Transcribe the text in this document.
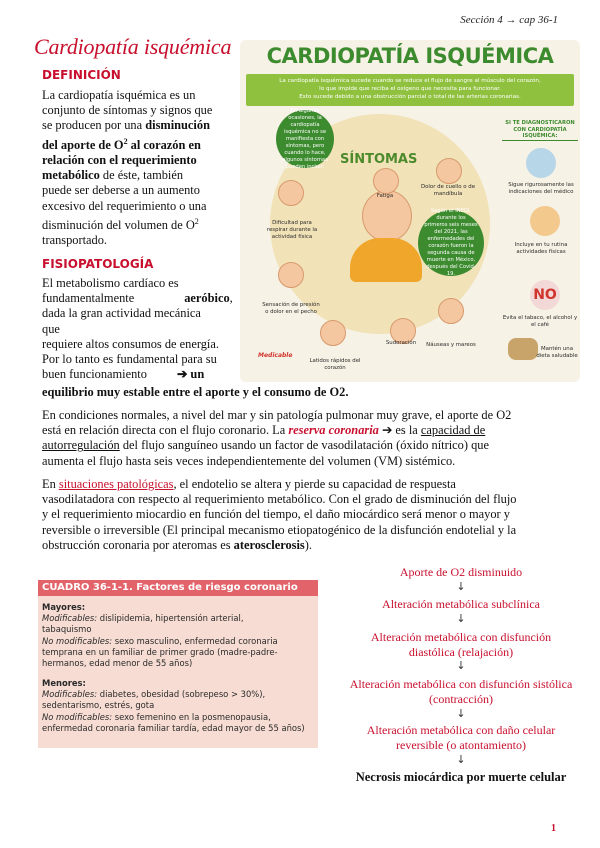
Sección 4 → cap 36-1
Cardiopatía isquémica
DEFINICIÓN

La cardiopatía isquémica es un

conjunto de síntomas y signos que

se producen por una disminución

del aporte de $O^2$ al corazón en

relación con el requerimiento

metabólico de éste, también

puede ser deberse a un aumento

excesivo del requerimiento o una

disminución del volumen de $O^2$

transportado.

FISIOPATOLOGÍA

El metabolismo cardíaco es

fundamentalmente	aeróbico,

dada la gran actividad mecánica

que

requiere altos consumos de energía.

Por lo tanto es fundamental para su

buen funcionamiento ➔ un

equilibrio muy estable entre el aporte y el consumo de O2.

En condiciones normales, a nivel del mar y sin patología pulmonar muy grave, el aporte de O2

está en relación directa con el flujo coronario. La reserva coronaria ➔ es la capacidad de

autorregulación del flujo sanguíneo usando un factor de vasodilatación (óxido nítrico) que

aumenta el flujo hasta seis veces independientemente del volumen (VM) sistémico.

En situaciones patológicas, el endotelio se altera y pierde su capacidad de respuesta

vasodilatadora con respecto al requerimiento metabólico. Con el grado de disminución del flujo

y el requerimiento miocardio en función del tiempo, el daño miocárdico será menor o mayor y

reversible o irreversible (El principal mecanismo etiopatogénico de la disfunción endotelial y la

obstrucción coronaria por ateromas es aterosclerosis).

CARDIOPATÍA ISQUÉMICA
La cardiopatía isquémica sucede cuando se reduce el flujo de sangre al músculo del corazón,
lo que impide que reciba el oxígeno que necesita para funcionar.
Esto sucede debido a una obstrucción parcial o total de las arterias coronarias.
SÍNTOMAS
En algunas ocasiones, la cardiopatía isquémica no se manifiesta con síntomas, pero cuando lo hace, algunos síntomas pueden incluir:
Según el INEGI, durante los primeros seis meses del 2021, las enfermedades del corazón fueron la segunda causa de muerte en México, después del Covid-19.
Fatiga
Dolor de cuello o de mandíbula
Dificultad para respirar durante la actividad física
Sensación de presión o dolor en el pecho
Latidos rápidos del corazón
Sudoración	Náuseas y mareos
Medicable
SI TE DIAGNOSTICARON CON CARDIOPATÍA ISQUÉMICA:
Sigue rigurosamente las indicaciones del médico
Incluye en tu rutina actividades físicas
NO
Evita el tabaco, el alcohol y el café
Mantén una dieta saludable
Aporte de O2 disminuido
↓
Alteración metabólica subclínica
↓
Alteración metabólica con disfunción
diastólica (relajación)
↓
Alteración metabólica con disfunción sistólica
(contracción)
↓
Alteración metabólica con daño celular
reversible (o atontamiento)
↓
Necrosis miocárdica por muerte celular
CUADRO 36-1-1. Factores de riesgo coronario
Mayores:
Modificables: dislipidemia, hipertensión arterial,
tabaquismo
No modificables: sexo masculino, enfermedad coronaria
temprana en un familiar de primer grado (madre-padre-
hermanos, edad menor de 55 años)
Menores:
Modificables: diabetes, obesidad (sobrepeso > 30%),
sedentarismo, estrés, gota
No modificables: sexo femenino en la posmenopausia,
enfermedad coronaria familiar tardía, edad mayor de 55 años)
1
